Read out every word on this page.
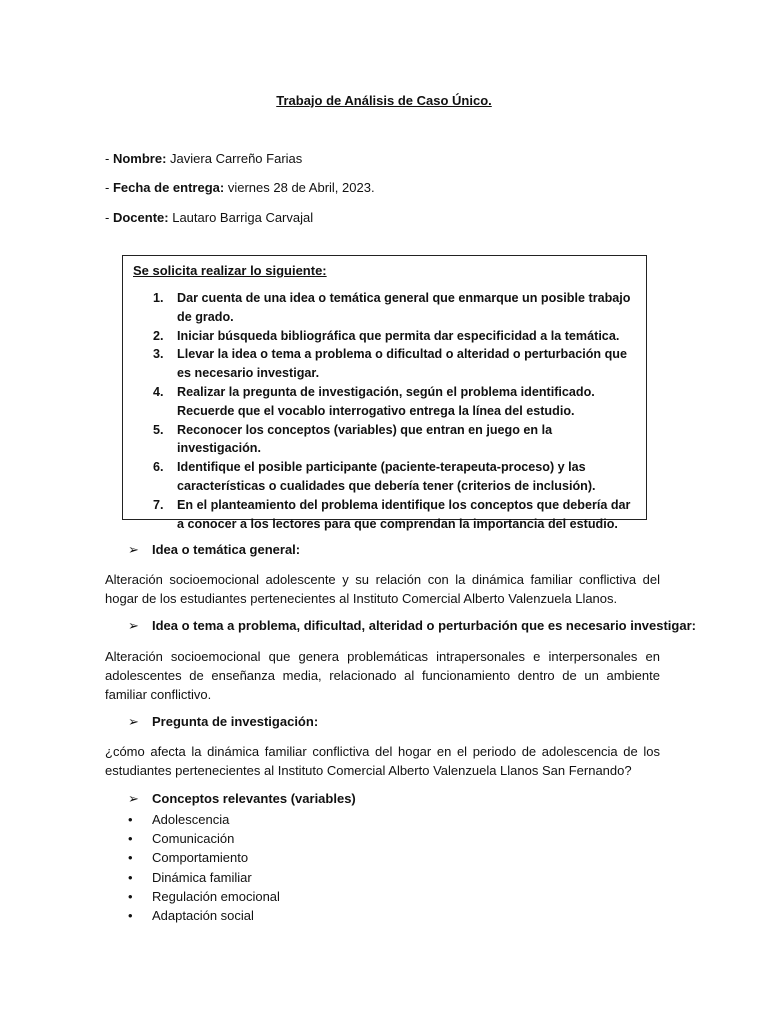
Trabajo de Análisis de Caso Único.
- Nombre: Javiera Carreño Farias
- Fecha de entrega: viernes 28 de Abril, 2023.
- Docente: Lautaro Barriga Carvajal
Se solicita realizar lo siguiente:
1. Dar cuenta de una idea o temática general que enmarque un posible trabajo de grado.
2. Iniciar búsqueda bibliográfica que permita dar especificidad a la temática.
3. Llevar la idea o tema a problema o dificultad o alteridad o perturbación que es necesario investigar.
4. Realizar la pregunta de investigación, según el problema identificado. Recuerde que el vocablo interrogativo entrega la línea del estudio.
5. Reconocer los conceptos (variables) que entran en juego en la investigación.
6. Identifique el posible participante (paciente-terapeuta-proceso) y las características o cualidades que debería tener (criterios de inclusión).
7. En el planteamiento del problema identifique los conceptos que debería dar a conocer a los lectores para que comprendan la importancia del estudio.
➢ Idea o temática general:
Alteración socioemocional adolescente y su relación con la dinámica familiar conflictiva del hogar de los estudiantes pertenecientes al Instituto Comercial Alberto Valenzuela Llanos.
➢ Idea o tema a problema, dificultad, alteridad o perturbación que es necesario investigar:
Alteración socioemocional que genera problemáticas intrapersonales e interpersonales en adolescentes de enseñanza media, relacionado al funcionamiento dentro de un ambiente familiar conflictivo.
➢ Pregunta de investigación:
¿cómo afecta la dinámica familiar conflictiva del hogar en el periodo de adolescencia de los estudiantes pertenecientes al Instituto Comercial Alberto Valenzuela Llanos San Fernando?
➢ Conceptos relevantes (variables)
• Adolescencia
• Comunicación
• Comportamiento
• Dinámica familiar
• Regulación emocional
• Adaptación social
